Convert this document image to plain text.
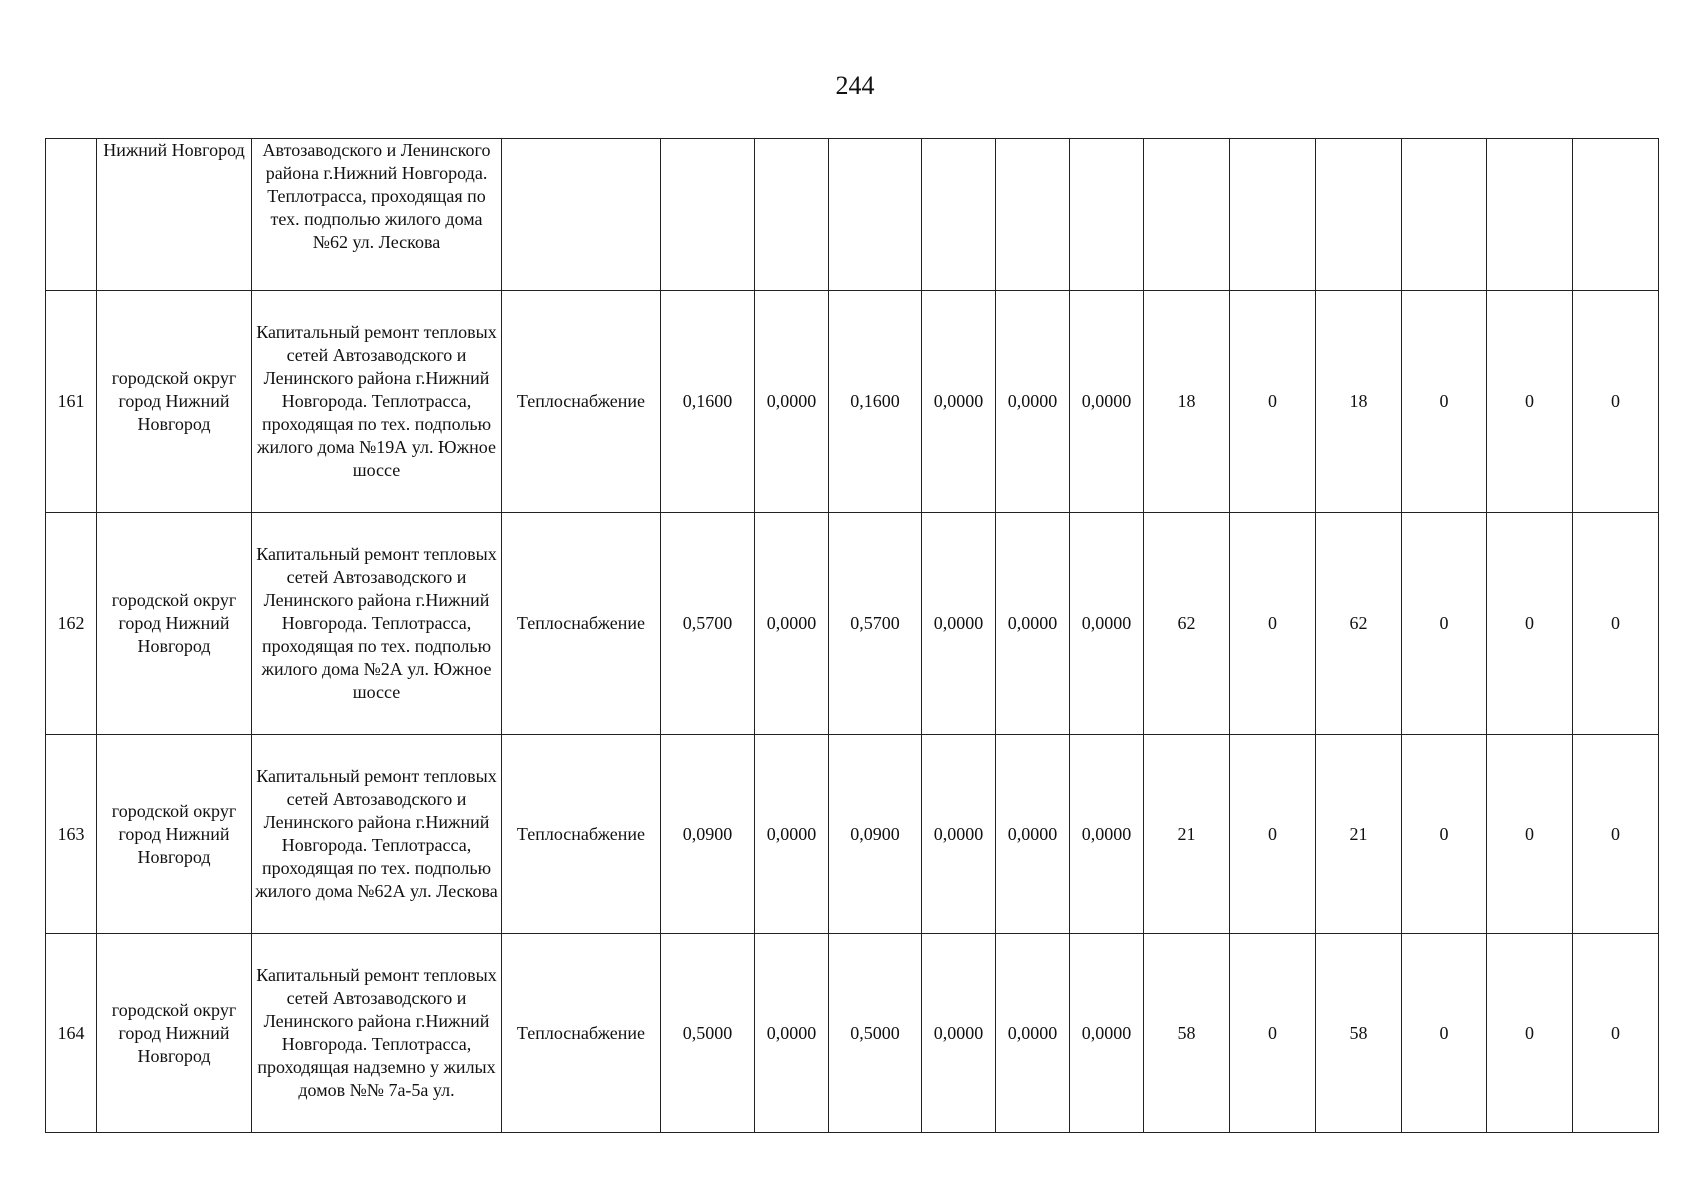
244
	Нижний Новгород	Автозаводского и Ленинского района г.Нижний Новгорода. Теплотрасса, проходящая по тех. подполью жилого дома №62 ул. Лескова													
161	городской округ город Нижний Новгород	Капитальный ремонт тепловых сетей Автозаводского и Ленинского района г.Нижний Новгорода. Теплотрасса, проходящая по тех. подполью жилого дома №19А ул. Южное шоссе	Теплоснабжение	0,1600	0,0000	0,1600	0,0000	0,0000	0,0000	18	0	18	0	0	0
162	городской округ город Нижний Новгород	Капитальный ремонт тепловых сетей Автозаводского и Ленинского района г.Нижний Новгорода. Теплотрасса, проходящая по тех. подполью жилого дома №2А ул. Южное шоссе	Теплоснабжение	0,5700	0,0000	0,5700	0,0000	0,0000	0,0000	62	0	62	0	0	0
163	городской округ город Нижний Новгород	Капитальный ремонт тепловых сетей Автозаводского и Ленинского района г.Нижний Новгорода. Теплотрасса, проходящая по тех. подполью жилого дома №62А ул. Лескова	Теплоснабжение	0,0900	0,0000	0,0900	0,0000	0,0000	0,0000	21	0	21	0	0	0
164	городской округ город Нижний Новгород	Капитальный ремонт тепловых сетей Автозаводского и Ленинского района г.Нижний Новгорода. Теплотрасса, проходящая надземно у жилых домов №№ 7а-5а ул.	Теплоснабжение	0,5000	0,0000	0,5000	0,0000	0,0000	0,0000	58	0	58	0	0	0
